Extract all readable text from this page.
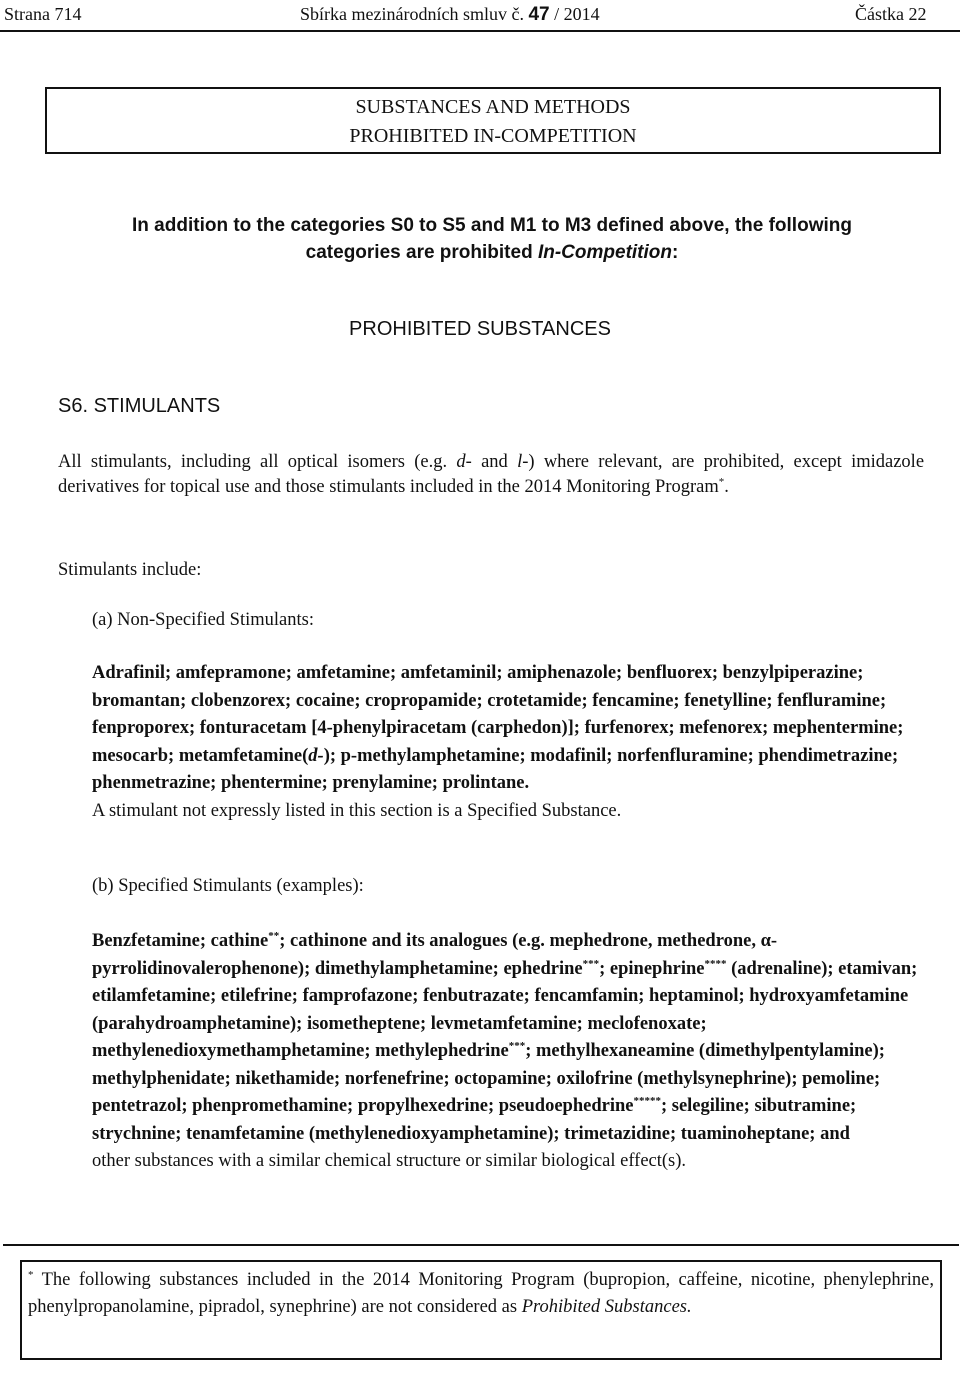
Strana 714	Sbírka mezinárodních smluv č. 47 / 2014	Částka 22
SUBSTANCES AND METHODS
PROHIBITED IN-COMPETITION
In addition to the categories S0 to S5 and M1 to M3 defined above, the following categories are prohibited In-Competition:
PROHIBITED SUBSTANCES
S6. STIMULANTS
All stimulants, including all optical isomers (e.g. d- and l-) where relevant, are prohibited, except imidazole derivatives for topical use and those stimulants included in the 2014 Monitoring Program*.
Stimulants include:
(a) Non-Specified Stimulants:
Adrafinil; amfepramone; amfetamine; amfetaminil; amiphenazole; benfluorex; benzylpiperazine; bromantan; clobenzorex; cocaine; cropropamide; crotetamide; fencamine; fenetylline; fenfluramine; fenproporex; fonturacetam [4-phenylpiracetam (carphedon)]; furfenorex; mefenorex; mephentermine; mesocarb; metamfetamine(d-); p-methylamphetamine; modafinil; norfenfluramine; phendimetrazine; phenmetrazine; phentermine; prenylamine; prolintane.
A stimulant not expressly listed in this section is a Specified Substance.
(b) Specified Stimulants (examples):
Benzfetamine; cathine**; cathinone and its analogues (e.g. mephedrone, methedrone, α- pyrrolidinovalerophenone); dimethylamphetamine; ephedrine***; epinephrine**** (adrenaline); etamivan; etilamfetamine; etilefrine; famprofazone; fenbutrazate; fencamfamin; heptaminol; hydroxyamfetamine (parahydroamphetamine); isometheptene; levmetamfetamine; meclofenoxate; methylenedioxymethamphetamine; methylephedrine***; methylhexaneamine (dimethylpentylamine); methylphenidate; nikethamide; norfenefrine; octopamine; oxilofrine (methylsynephrine); pemoline; pentetrazol; phenpromethamine; propylhexedrine; pseudoephedrine*****; selegiline; sibutramine; strychnine; tenamfetamine (methylenedioxyamphetamine); trimetazidine; tuaminoheptane; and
other substances with a similar chemical structure or similar biological effect(s).
* The following substances included in the 2014 Monitoring Program (bupropion, caffeine, nicotine, phenylephrine, phenylpropanolamine, pipradol, synephrine) are not considered as Prohibited Substances.
